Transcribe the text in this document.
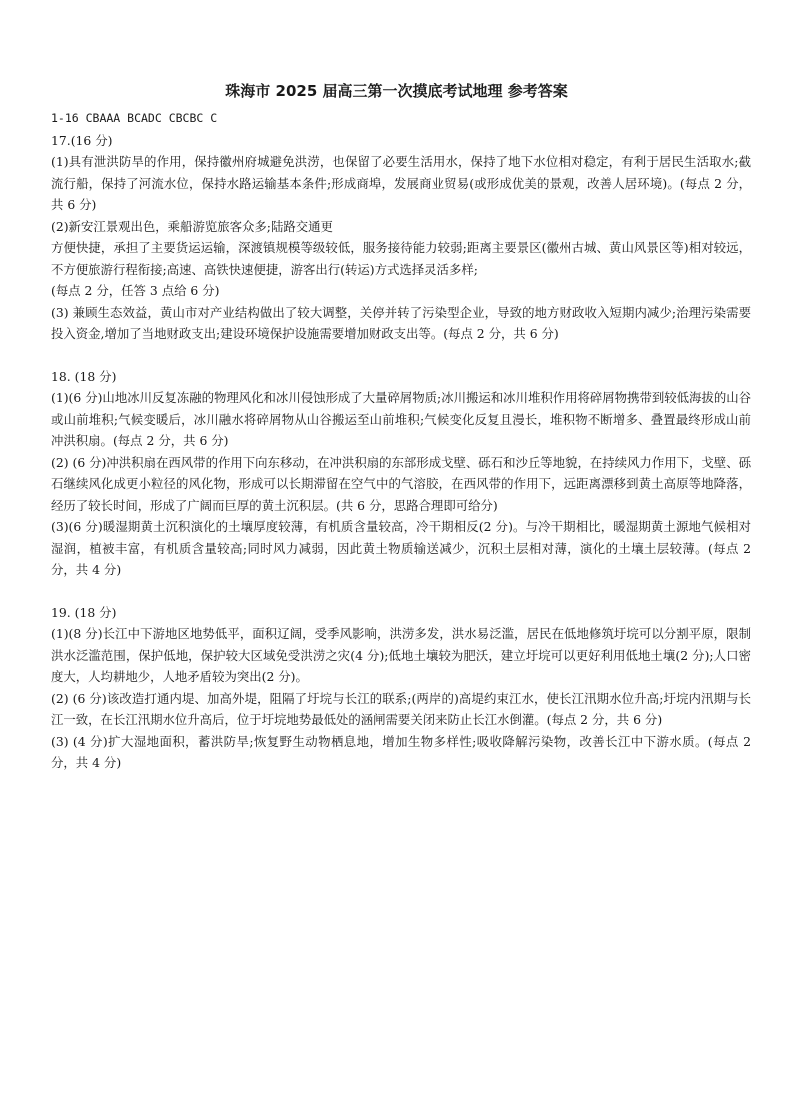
珠海市 2025 届高三第一次摸底考试地理 参考答案

1-16 CBAAA BCADC CBCBC C

17.(16 分)

(1)具有泄洪防旱的作用，保持徽州府城避免洪涝，也保留了必要生活用水，保持了地下水位相对稳定，有利于居民生活取水;截流行船，保持了河流水位，保持水路运输基本条件;形成商埠，发展商业贸易(或形成优美的景观，改善人居环境)。(每点 2 分，共 6 分)

(2)新安江景观出色，乘船游览旅客众多;陆路交通更

方便快捷，承担了主要货运运输，深渡镇规模等级较低，服务接待能力较弱;距离主要景区(徽州古城、黄山风景区等)相对较远，不方便旅游行程衔接;高速、高铁快速便捷，游客出行(转运)方式选择灵活多样;

(每点 2 分，任答 3 点给 6 分)

(3) 兼顾生态效益，黄山市对产业结构做出了较大调整，关停并转了污染型企业，导致的地方财政收入短期内减少;治理污染需要投入资金,增加了当地财政支出;建设环境保护设施需要增加财政支出等。(每点 2 分，共 6 分)

18. (18 分)

(1)(6 分)山地冰川反复冻融的物理风化和冰川侵蚀形成了大量碎屑物质;冰川搬运和冰川堆积作用将碎屑物携带到较低海拔的山谷或山前堆积;气候变暖后，冰川融水将碎屑物从山谷搬运至山前堆积;气候变化反复且漫长，堆积物不断增多、叠置最终形成山前冲洪积扇。(每点 2 分，共 6 分)

(2) (6 分)冲洪积扇在西风带的作用下向东移动，在冲洪积扇的东部形成戈壁、砾石和沙丘等地貌，在持续风力作用下，戈壁、砾石继续风化成更小粒径的风化物，形成可以长期滞留在空气中的气溶胶，在西风带的作用下，远距离漂移到黄土高原等地降落，经历了较长时间，形成了广阔而巨厚的黄土沉积层。(共 6 分，思路合理即可给分)

(3)(6 分)暖湿期黄土沉积演化的土壤厚度较薄，有机质含量较高，冷干期相反(2 分)。与冷干期相比，暖湿期黄土源地气候相对湿润，植被丰富，有机质含量较高;同时风力减弱，因此黄土物质输送减少，沉积土层相对薄，演化的土壤土层较薄。(每点 2 分，共 4 分)

19. (18 分)

(1)(8 分)长江中下游地区地势低平，面积辽阔，受季风影响，洪涝多发，洪水易泛滥，居民在低地修筑圩垸可以分割平原，限制洪水泛滥范围，保护低地，保护较大区域免受洪涝之灾(4 分);低地土壤较为肥沃，建立圩垸可以更好利用低地土壤(2 分);人口密度大，人均耕地少，人地矛盾较为突出(2 分)。

(2) (6 分)该改造打通内堤、加高外堤，阻隔了圩垸与长江的联系;(两岸的)高堤约束江水，使长江汛期水位升高;圩垸内汛期与长江一致，在长江汛期水位升高后，位于圩垸地势最低处的涵闸需要关闭来防止长江水倒灌。(每点 2 分，共 6 分)

(3) (4 分)扩大湿地面积，蓄洪防旱;恢复野生动物栖息地，增加生物多样性;吸收降解污染物，改善长江中下游水质。(每点 2 分，共 4 分)
